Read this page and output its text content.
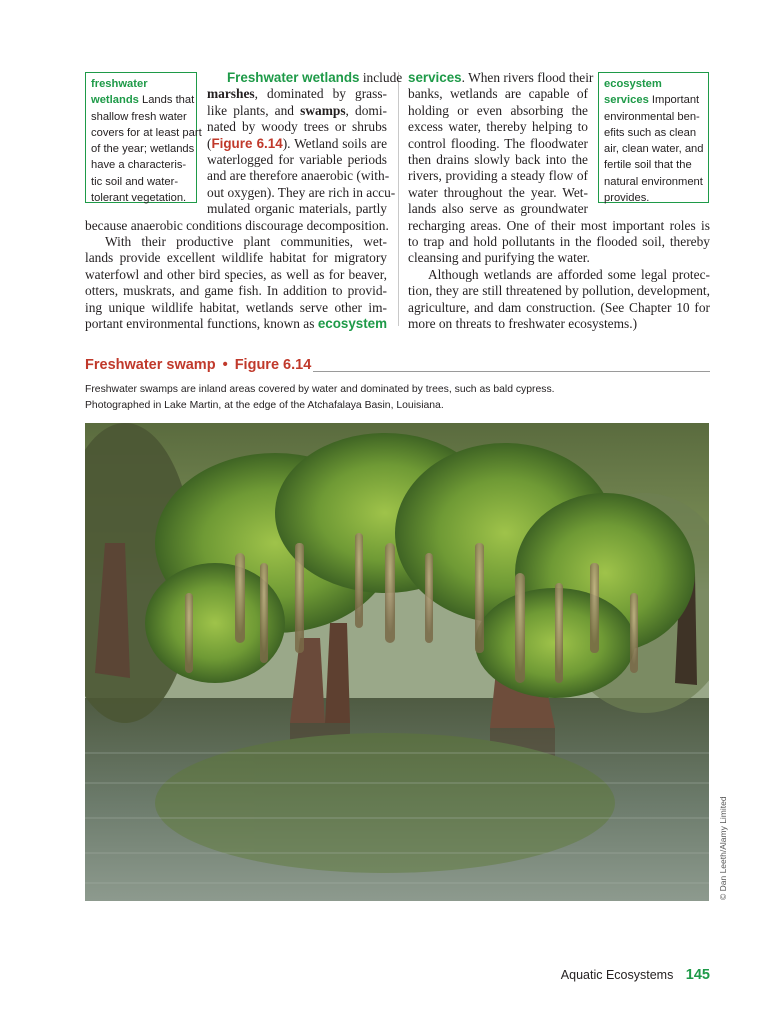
freshwater
wetlands Lands that
shallow fresh water
covers for at least part
of the year; wetlands
have a characteris-
tic soil and water-
tolerant vegetation.
ecosystem
services Important
environmental ben-
efits such as clean
air, clean water, and
fertile soil that the
natural environment
provides.
Freshwater wetlands include
marshes, dominated by grass-
like plants, and swamps, domi-
nated by woody trees or shrubs
(Figure 6.14). Wetland soils are
waterlogged for variable periods
and are therefore anaerobic (with-
out oxygen). They are rich in accu-
mulated organic materials, partly
because anaerobic conditions discourage decomposition.
With their productive plant communities, wet-
lands provide excellent wildlife habitat for migratory
waterfowl and other bird species, as well as for beaver,
otters, muskrats, and game fish. In addition to provid-
ing unique wildlife habitat, wetlands serve other im-
portant environmental functions, known as ecosystem
services. When rivers flood their
banks, wetlands are capable of
holding or even absorbing the
excess water, thereby helping to
control flooding. The floodwater
then drains slowly back into the
rivers, providing a steady flow of
water throughout the year. Wet-
lands also serve as groundwater
recharging areas. One of their most important roles is
to trap and hold pollutants in the flooded soil, thereby
cleansing and purifying the water.
Although wetlands are afforded some legal protec-
tion, they are still threatened by pollution, development,
agriculture, and dam construction. (See Chapter 10 for
more on threats to freshwater ecosystems.)
Freshwater swamp • Figure 6.14
Freshwater swamps are inland areas covered by water and dominated by trees, such as bald cypress.
Photographed in Lake Martin, at the edge of the Atchafalaya Basin, Louisiana.
© Dan Leeth/Alamy Limited
Aquatic Ecosystems 145
